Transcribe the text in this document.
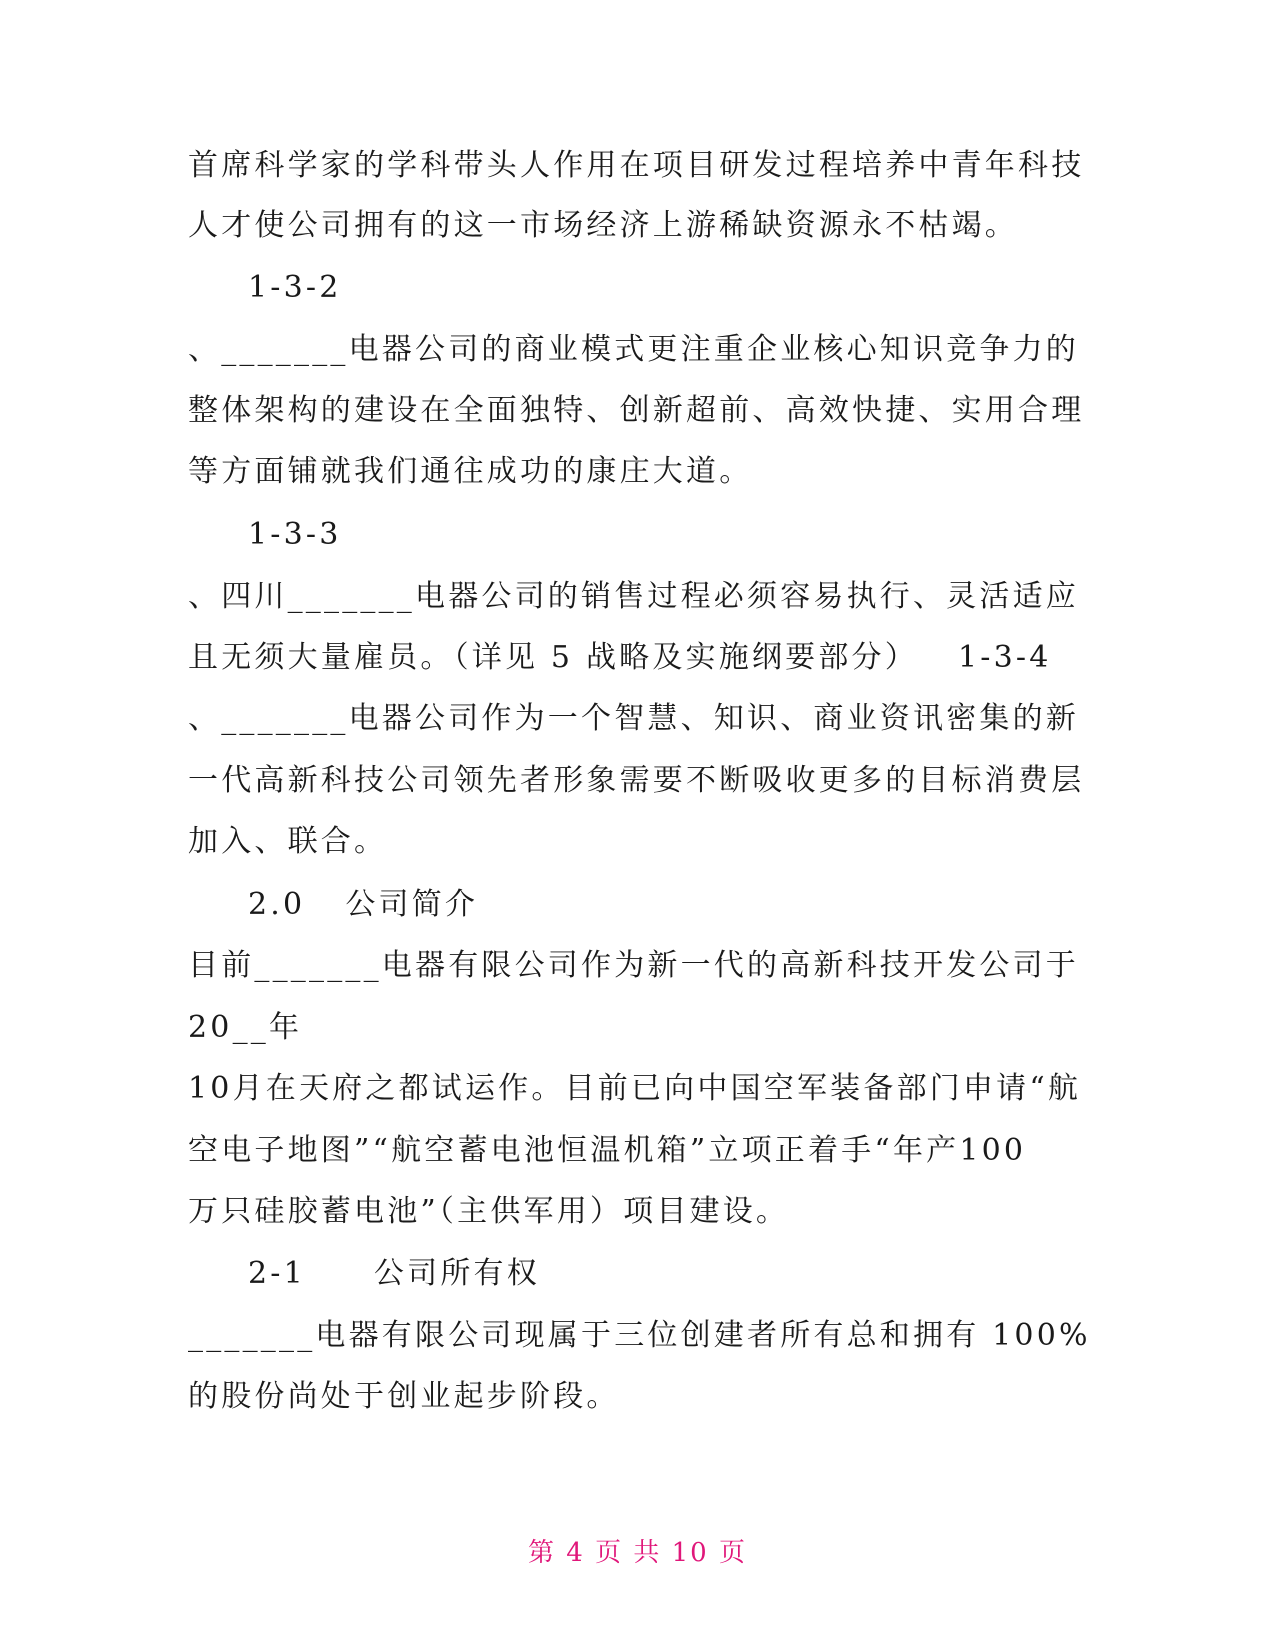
首席科学家的学科带头人作用在项目研发过程培养中青年科技
人才使公司拥有的这一市场经济上游稀缺资源永不枯竭。
1-3-2
、_______电器公司的商业模式更注重企业核心知识竞争力的
整体架构的建设在全面独特、创新超前、高效快捷、实用合理
等方面铺就我们通往成功的康庄大道。
1-3-3
、四川_______电器公司的销售过程必须容易执行、灵活适应
且无须大量雇员。（详见 5 战略及实施纲要部分） 1-3-4
、_______电器公司作为一个智慧、知识、商业资讯密集的新
一代高新科技公司领先者形象需要不断吸收更多的目标消费层
加入、联合。
2.0 公司简介
目前_______电器有限公司作为新一代的高新科技开发公司于
20__年
10月在天府之都试运作。目前已向中国空军装备部门申请“航
空电子地图”“航空蓄电池恒温机箱”立项正着手“年产100
万只硅胶蓄电池”（主供军用）项目建设。
2-1 公司所有权
_______电器有限公司现属于三位创建者所有总和拥有 100%
的股份尚处于创业起步阶段。
第 4 页 共 10 页
